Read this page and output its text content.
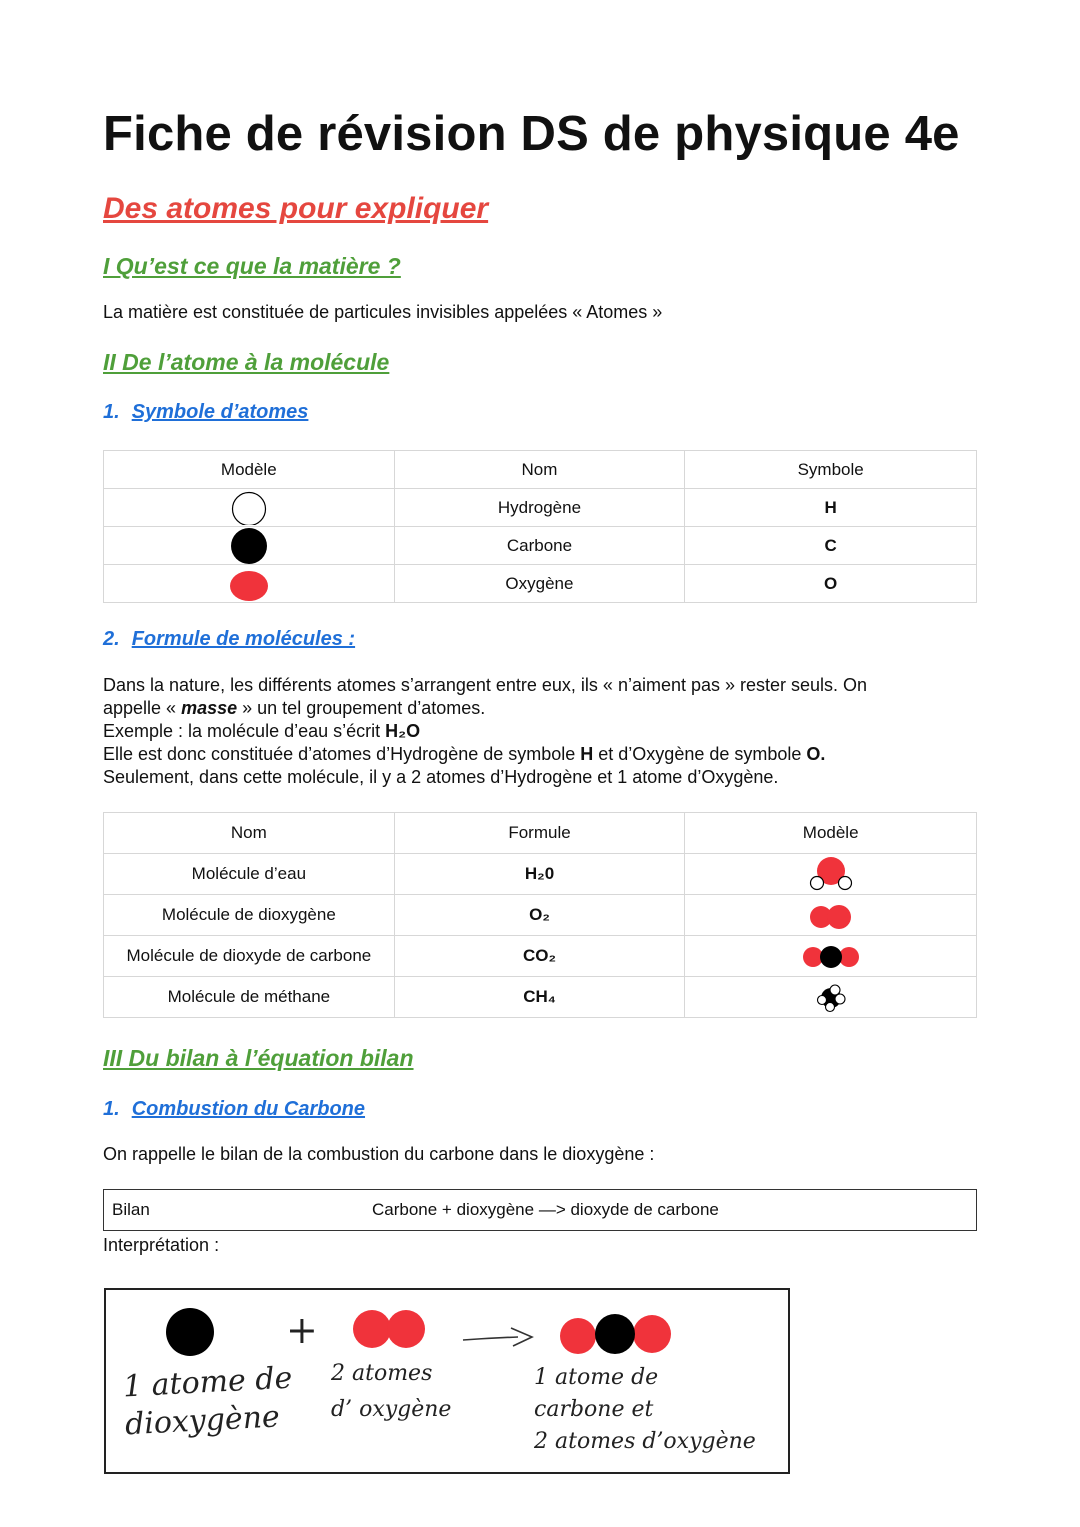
Fiche de révision DS de physique 4e
Des atomes pour expliquer
I Qu’est ce que la matière ?
La matière est constituée de particules invisibles appelées « Atomes »
II De l’atome à la molécule
1. Symbole d’atomes
Modèle	Nom	Symbole

	Hydrogène	H

	Carbone	C

	Oxygène	O
2. Formule de molécules :
Dans la nature, les différents atomes s’arrangent entre eux, ils « n’aiment pas » rester seuls. On
appelle « masse » un tel groupement d’atomes.
Exemple : la molécule d’eau s’écrit H₂O
Elle est donc constituée d’atomes d’Hydrogène de symbole H et d’Oxygène de symbole O.
Seulement, dans cette molécule, il y a 2 atomes d’Hydrogène et 1 atome d’Oxygène.
Nom	Formule	Modèle
Molécule d’eau	H₂0	

Molécule de dioxygène	O₂	

Molécule de dioxyde de carbone	CO₂	

Molécule de méthane	CH₄	
III Du bilan à l’équation bilan
1. Combustion du Carbone
On rappelle le bilan de la combustion du carbone dans le dioxygène :
Bilan	Carbone + dioxygène —> dioxyde de carbone
Interprétation :
+
1 atome de
dioxygène
2 atomes
d’ oxygène
1 atome de
carbone et
2 atomes d’oxygène
